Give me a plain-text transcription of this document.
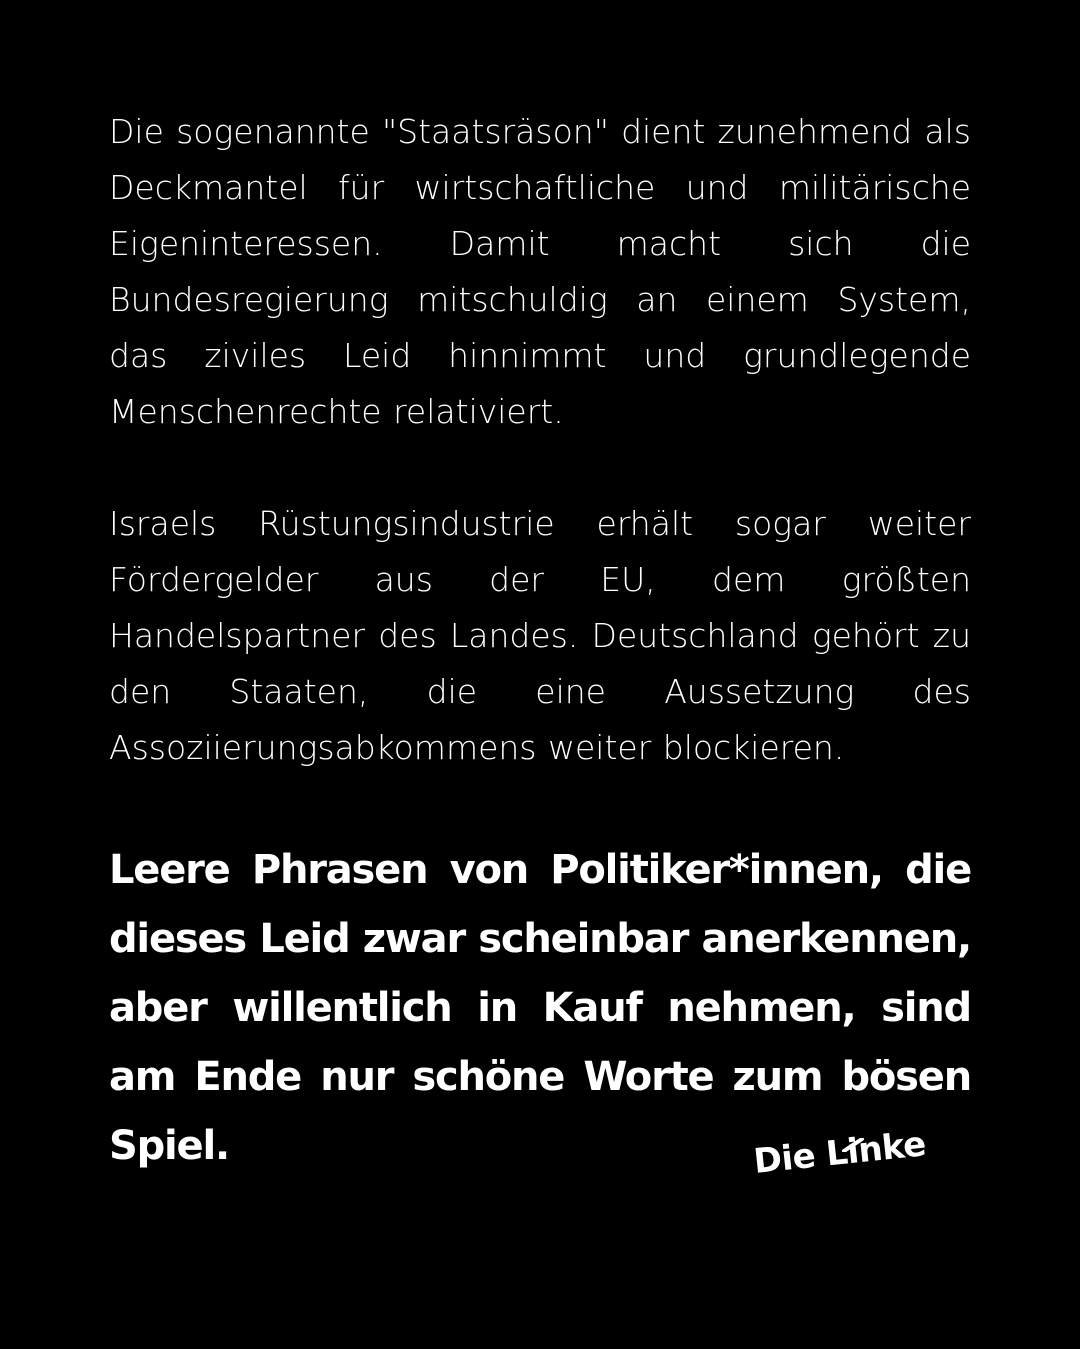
Die sogenannte "Staatsräson" dient zunehmend als Deckmantel für wirtschaftliche und militärische Eigeninteressen. Damit macht sich die Bundesregierung mitschuldig an einem System, das ziviles Leid hinnimmt und grundlegende Menschenrechte relativiert.

Israels Rüstungsindustrie erhält sogar weiter Fördergelder aus der EU, dem größten Handelspartner des Landes. Deutschland gehört zu den Staaten, die eine Aussetzung des Assoziierungsabkommens weiter blockieren.

Leere Phrasen von Politiker*innen, die dieses Leid zwar scheinbar anerkennen, aber willentlich in Kauf nehmen, sind am Ende nur schöne Worte zum bösen Spiel.	Die Linke
